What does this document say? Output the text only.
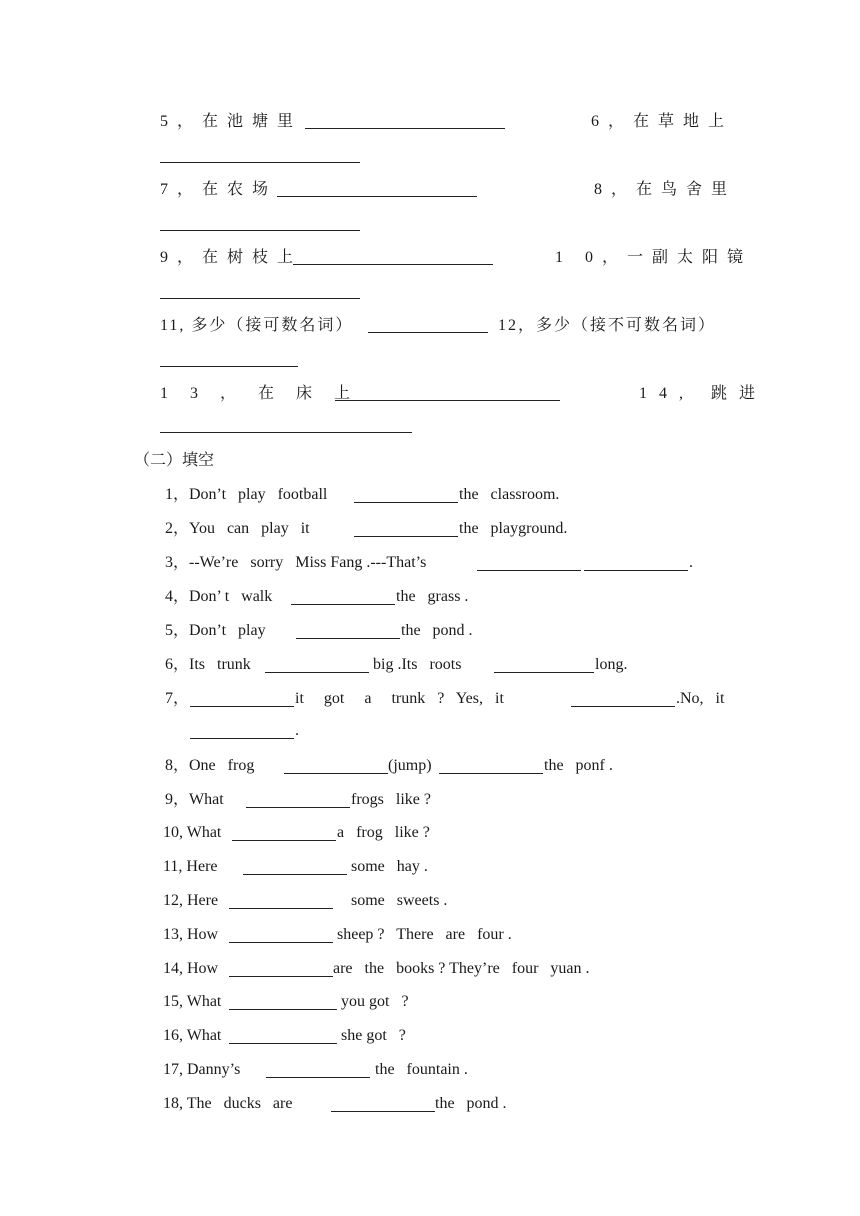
5，在池塘里	6，在草地上
7，在农场	8，在鸟舍里
9，在树枝上	1 0，一副太阳镜
11, 多少（接可数名词）	12，多少（接不可数名词）
13，在床上	14, 跳进
（二）填空
1，Don’t   play   football	the   classroom.
2，You   can   play   it	the   playground.
3，--We’re   sorry   Miss Fang .---That’s	.
4，Don’ t   walk	the   grass .
5，Don’t   play	the   pond .
6，Its   trunk	big .Its   roots	long.
7，	it     got     a     trunk   ?   Yes,   it	.No,   it
.
8，One   frog	(jump)	the   ponf .
9，What	frogs   like ?
10, What	a   frog   like ?
11, Here	some   hay .
12, Here	some   sweets .
13, How	sheep ?   There   are   four .
14, How	are   the   books ? They’re   four   yuan .
15, What	you got   ?
16, What	she got   ?
17, Danny’s	the   fountain .
18, The   ducks   are	the   pond .
